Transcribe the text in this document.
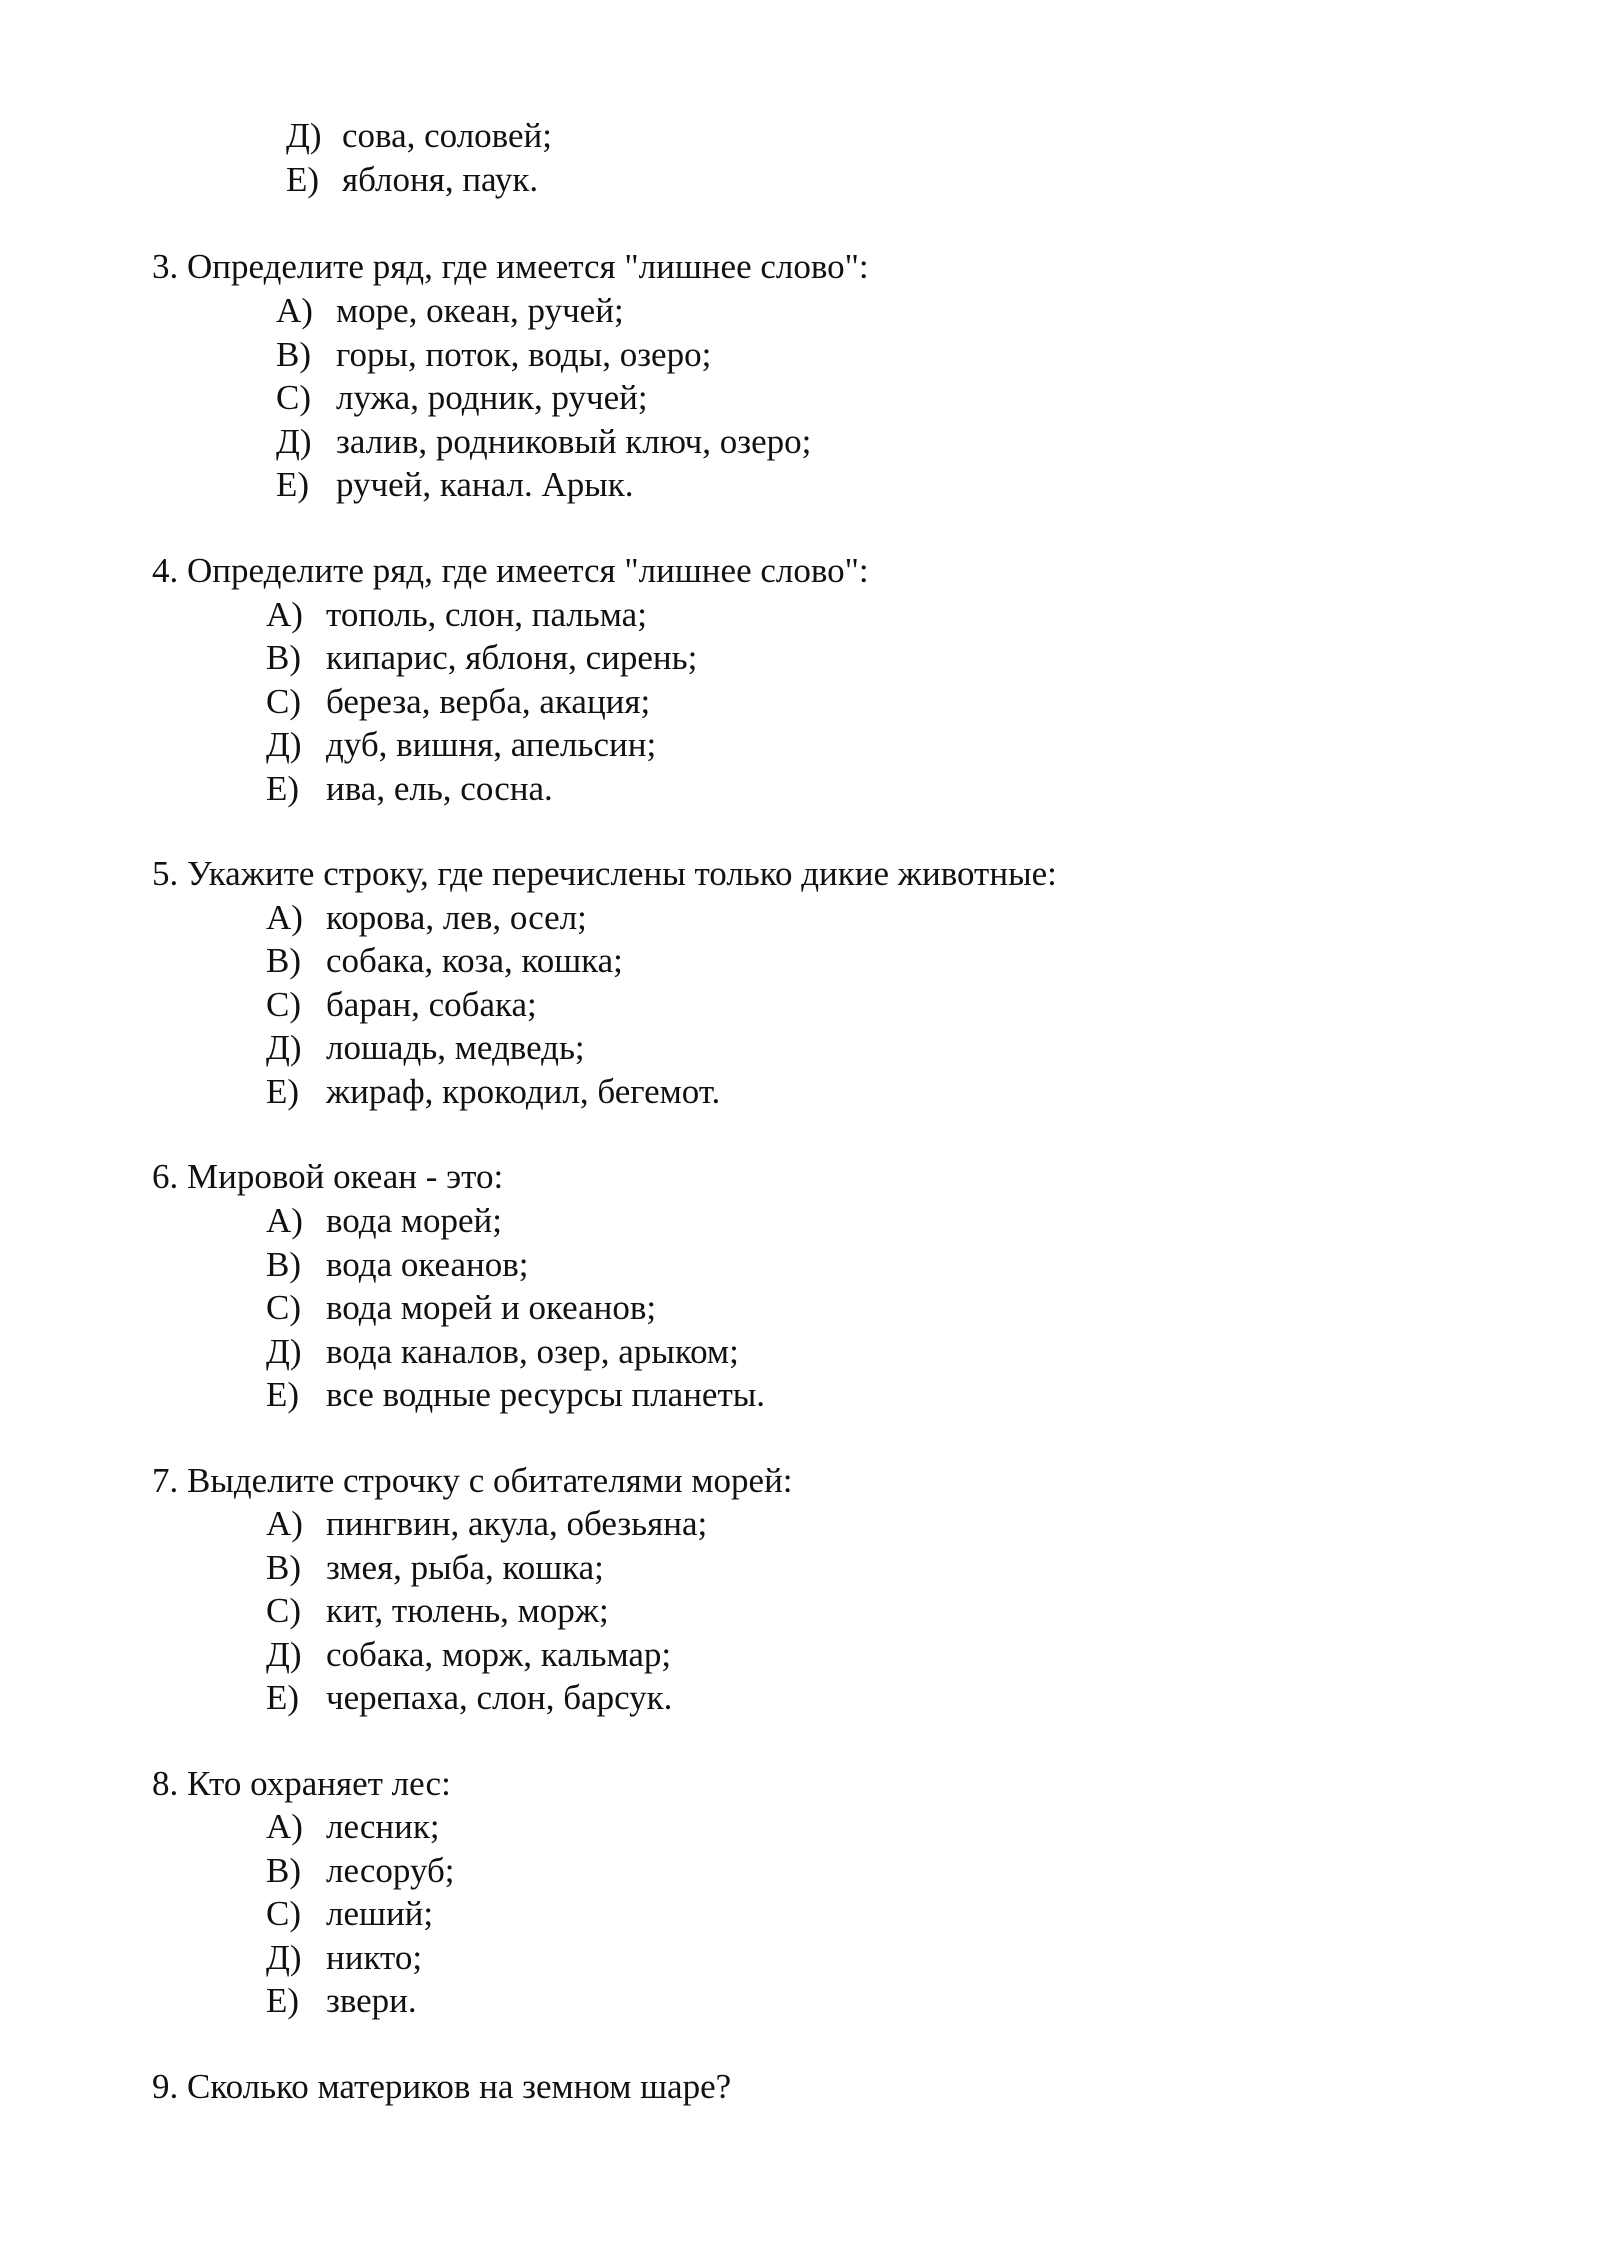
Д) сова, соловей;
Е) яблоня, паук.
3. Определите ряд, где имеется "лишнее слово":
А) море, океан, ручей;
В) горы, поток, воды, озеро;
С) лужа, родник, ручей;
Д) залив, родниковый ключ, озеро;
Е) ручей, канал. Арык.
4. Определите ряд, где имеется "лишнее слово":
А) тополь, слон, пальма;
В) кипарис, яблоня, сирень;
С) береза, верба, акация;
Д) дуб, вишня, апельсин;
Е) ива, ель, сосна.
5. Укажите строку, где перечислены только дикие животные:
А) корова, лев, осел;
В) собака, коза, кошка;
С) баран, собака;
Д) лошадь, медведь;
Е) жираф, крокодил, бегемот.
6. Мировой океан - это:
А) вода морей;
В) вода океанов;
С) вода морей и океанов;
Д) вода каналов, озер, арыком;
Е) все водные ресурсы планеты.
7. Выделите строчку с обитателями морей:
А) пингвин, акула, обезьяна;
В) змея, рыба, кошка;
С) кит, тюлень, морж;
Д) собака, морж, кальмар;
Е) черепаха, слон, барсук.
8. Кто охраняет лес:
А) лесник;
В) лесоруб;
С) леший;
Д) никто;
Е) звери.
9. Сколько материков на земном шаре?
